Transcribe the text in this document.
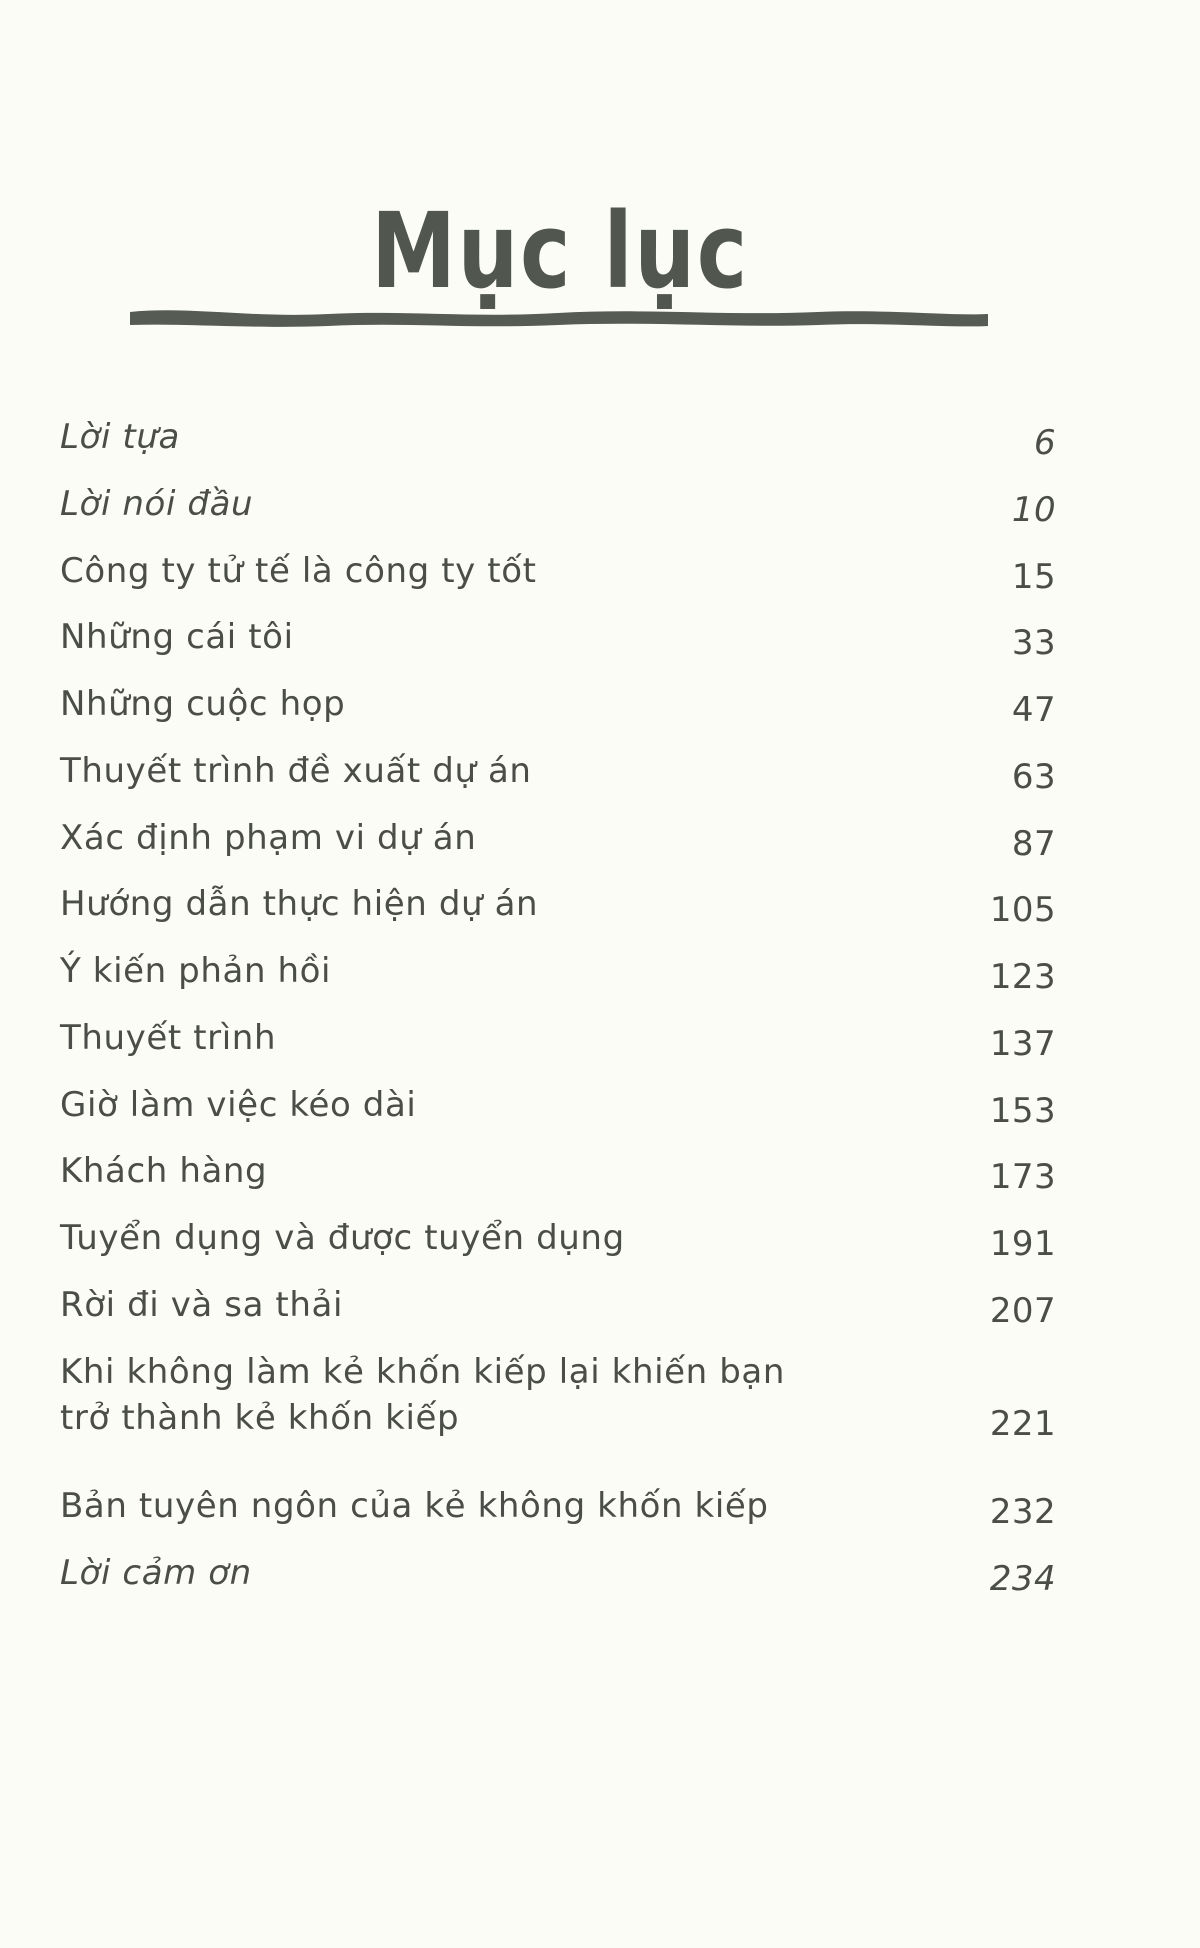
Mục lục
Lời tựa	6
Lời nói đầu	10
Công ty tử tế là công ty tốt	15
Những cái tôi	33
Những cuộc họp	47
Thuyết trình đề xuất dự án	63
Xác định phạm vi dự án	87
Hướng dẫn thực hiện dự án	105
Ý kiến phản hồi	123
Thuyết trình	137
Giờ làm việc kéo dài	153
Khách hàng	173
Tuyển dụng và được tuyển dụng	191
Rời đi và sa thải	207
Khi không làm kẻ khốn kiếp lại khiến bạn
trở thành kẻ khốn kiếp	221
Bản tuyên ngôn của kẻ không khốn kiếp	232
Lời cảm ơn	234
